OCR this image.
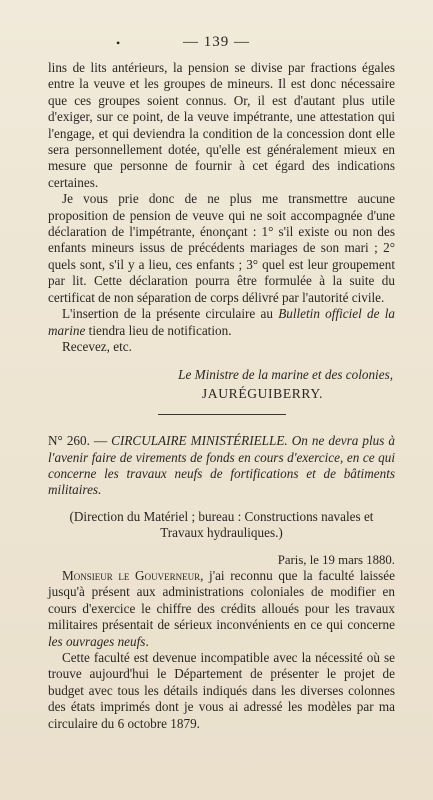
•	— 139 —

lins de lits antérieurs, la pension se divise par fractions égales entre la veuve et les groupes de mineurs. Il est donc nécessaire que ces groupes soient connus. Or, il est d'autant plus utile d'exiger, sur ce point, de la veuve impétrante, une attestation qui l'engage, et qui deviendra la condition de la concession dont elle sera personnellement dotée, qu'elle est généralement mieux en mesure que personne de fournir à cet égard des indications certaines.

Je vous prie donc de ne plus me transmettre aucune proposition de pension de veuve qui ne soit accompagnée d'une déclaration de l'impétrante, énonçant : 1° s'il existe ou non des enfants mineurs issus de précédents mariages de son mari ; 2° quels sont, s'il y a lieu, ces enfants ; 3° quel est leur groupement par lit. Cette déclaration pourra être formulée à la suite du certificat de non séparation de corps délivré par l'autorité civile.

L'insertion de la présente circulaire au Bulletin officiel de la marine tiendra lieu de notification.

Recevez, etc.

Le Ministre de la marine et des colonies,

JAURÉGUIBERRY.

N° 260. — CIRCULAIRE MINISTÉRIELLE. On ne devra plus à l'avenir faire de virements de fonds en cours d'exercice, en ce qui concerne les travaux neufs de fortifications et de bâtiments militaires.

(Direction du Matériel ; bureau : Constructions navales et Travaux hydrauliques.)

Paris, le 19 mars 1880.

Monsieur le Gouverneur, j'ai reconnu que la faculté laissée jusqu'à présent aux administrations coloniales de modifier en cours d'exercice le chiffre des crédits alloués pour les travaux militaires présentait de sérieux inconvénients en ce qui concerne les ouvrages neufs.

Cette faculté est devenue incompatible avec la nécessité où se trouve aujourd'hui le Département de présenter le projet de budget avec tous les détails indiqués dans les diverses colonnes des états imprimés dont je vous ai adressé les modèles par ma circulaire du 6 octobre 1879.
